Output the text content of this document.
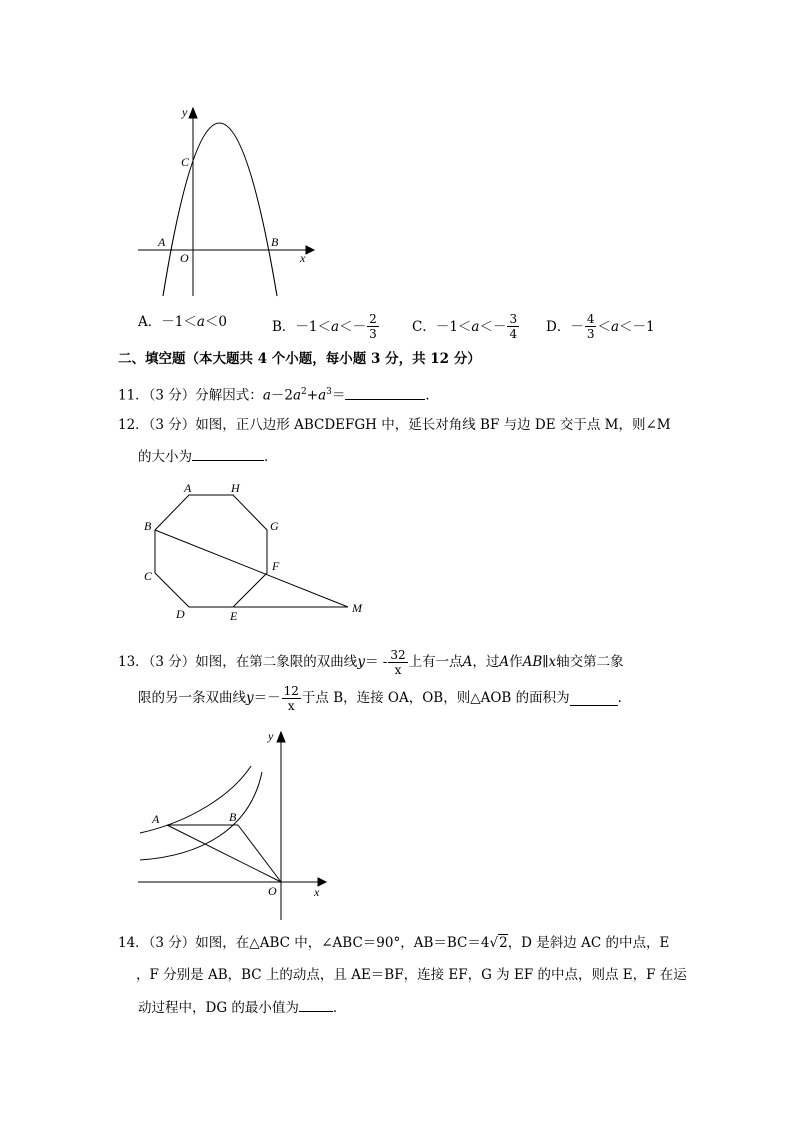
y
C
A
O
B
x
A．－1＜ a ＜0	B．$-1< a <- \frac{2}{3}$ C．$-1< a <- \frac{3}{4}$ D．－ $\frac{4}{3} < a <-1$
二、填空题（本大题共 4 个小题，每小题 3 分，共 12 分）
11．（3 分）分解因式：$a-2a^2+a^3=$	．
12．（3 分）如图，正八边形 ABCDEFGH 中，延长对角线 BF 与边 DE 交于点 M，则∠M
的大小为	．
A	H
B	G
F
C
D	E
M
13．（3 分）如图，在第二象限的双曲线 y ＝ - $\frac{32}{x}$ 上有一点 A ，过 A 作 AB ∥ x 轴交第二象
限的另一条双曲线 $y =- \frac{12}{x}$ 于点 B，连接 OA，OB，则△AOB 的面积为	．
y
A	B
O	x
14．（3 分）如图，在△ABC 中，∠ABC＝90°，AB＝BC＝4√2，D 是斜边 AC 的中点，E
，F 分别是 AB，BC 上的动点，且 AE＝BF，连接 EF，G 为 EF 的中点，则点 E，F 在运
动过程中，DG 的最小值为	．
